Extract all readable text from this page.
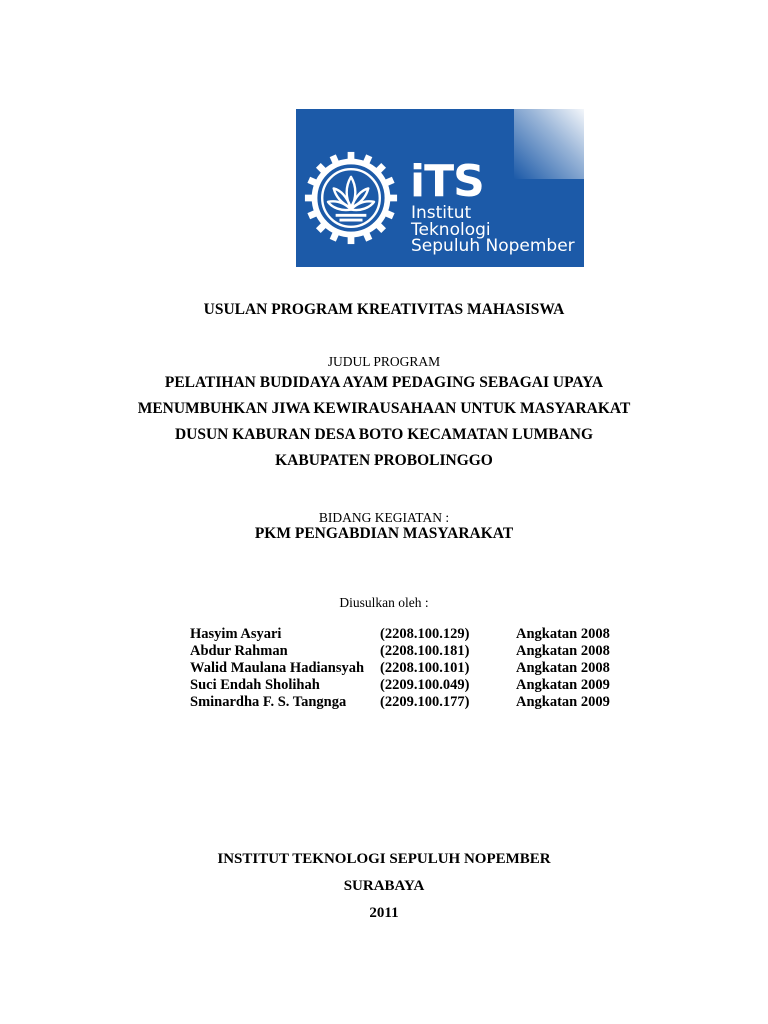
iTS
Institut
Teknologi
Sepuluh Nopember
USULAN PROGRAM KREATIVITAS MAHASISWA
JUDUL PROGRAM
PELATIHAN BUDIDAYA AYAM PEDAGING SEBAGAI UPAYA
MENUMBUHKAN JIWA KEWIRAUSAHAAN UNTUK MASYARAKAT
DUSUN KABURAN DESA BOTO KECAMATAN LUMBANG
KABUPATEN PROBOLINGGO
BIDANG KEGIATAN :
PKM PENGABDIAN MASYARAKAT
Diusulkan oleh :
Hasyim Asyari	(2208.100.129)	Angkatan 2008
Abdur Rahman	(2208.100.181)	Angkatan 2008
Walid Maulana Hadiansyah	(2208.100.101)	Angkatan 2008
Suci Endah Sholihah	(2209.100.049)	Angkatan 2009
Sminardha F. S. Tangnga	(2209.100.177)	Angkatan 2009
INSTITUT TEKNOLOGI SEPULUH NOPEMBER
SURABAYA
2011
